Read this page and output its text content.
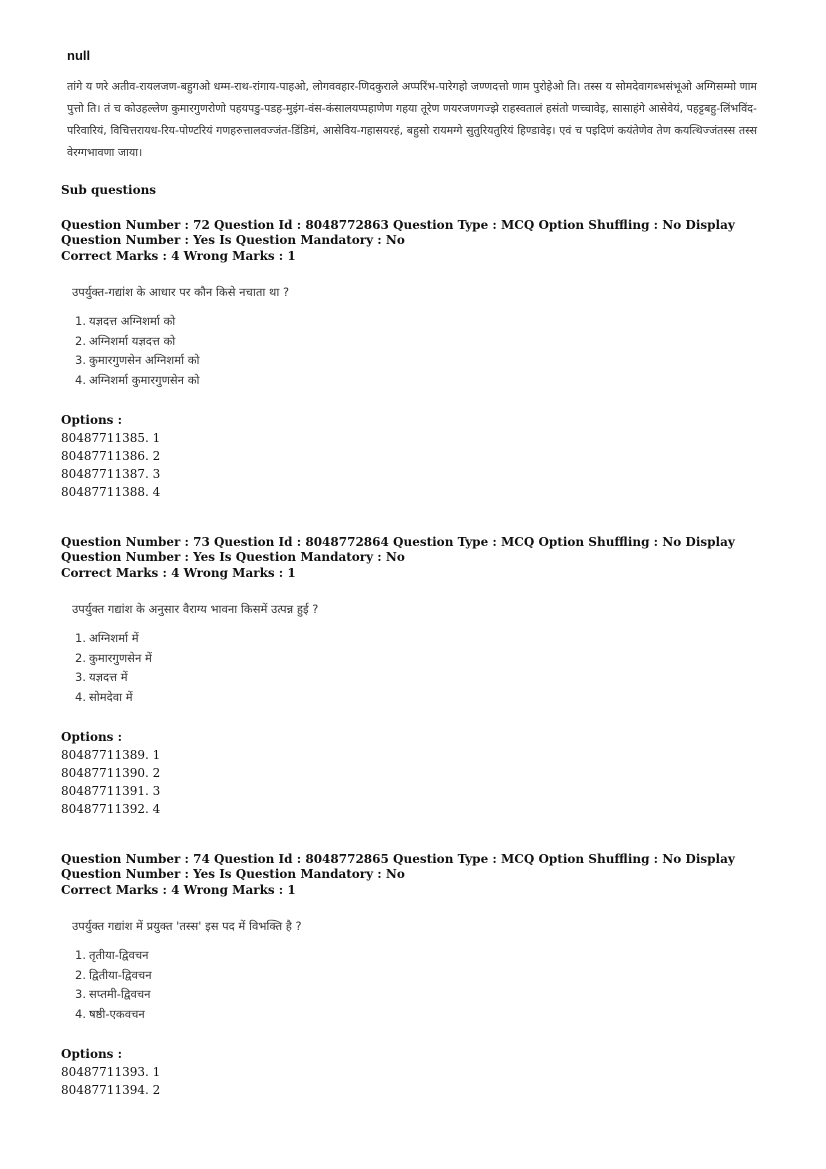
null
तांगे य णरे अतीव-रायलजण-बहुगओ धम्म-राथ-रांगाय-पाहओ, लोगववहार-णिदकुराले अप्परिंभ-पारेगहो जण्णदत्तो णाम पुरोहेओ ति। तस्स य सोमदेवागब्भसंभूओ अग्गिसम्मो णाम पुत्तो ति। तं च कोउहल्लेण कुमारगुणरोणो पहयपडु-पडह-मुइंग-वंस-कंसालयप्पहाणेण गहया तूरेण णयरजणगज्झे राहस्वतालं हसंतो णच्चावेइ, सासाहंगे आसेवेयं, पहट्टबहु-लिंभविंद-परिवारियं, विचित्तरायध-रिय-पोण्टरियं गणहरुत्तालवज्जंत-डिंडिमं, आसेविय-गहासयरहं, बहुसो रायमग्गे सुतुरियतुरियं हिण्डावेइ। एवं च पइदिणं कयंतेणेव तेण कयत्थिज्जंतस्स तस्स वेरग्गभावणा जाया।
Sub questions
Question Number : 72 Question Id : 8048772863 Question Type : MCQ Option Shuffling : No Display Question Number : Yes Is Question Mandatory : No
Correct Marks : 4 Wrong Marks : 1
उपर्युक्त-गद्यांश के आधार पर कौन किसे नचाता था ?
1. यज्ञदत्त अग्निशर्मा को
2. अग्निशर्मा यज्ञदत्त को
3. कुमारगुणसेन अग्निशर्मा को
4. अग्निशर्मा कुमारगुणसेन को
Options :
80487711385. 1
80487711386. 2
80487711387. 3
80487711388. 4
Question Number : 73 Question Id : 8048772864 Question Type : MCQ Option Shuffling : No Display Question Number : Yes Is Question Mandatory : No
Correct Marks : 4 Wrong Marks : 1
उपर्युक्त गद्यांश के अनुसार वैराग्य भावना किसमें उत्पन्न हुई ?
1. अग्निशर्मा में
2. कुमारगुणसेन में
3. यज्ञदत्त में
4. सोमदेवा में
Options :
80487711389. 1
80487711390. 2
80487711391. 3
80487711392. 4
Question Number : 74 Question Id : 8048772865 Question Type : MCQ Option Shuffling : No Display Question Number : Yes Is Question Mandatory : No
Correct Marks : 4 Wrong Marks : 1
उपर्युक्त गद्यांश में प्रयुक्त 'तस्स' इस पद में विभक्ति है ?
1. तृतीया-द्विवचन
2. द्वितीया-द्विवचन
3. सप्तमी-द्विवचन
4. षष्ठी-एकवचन
Options :
80487711393. 1
80487711394. 2
